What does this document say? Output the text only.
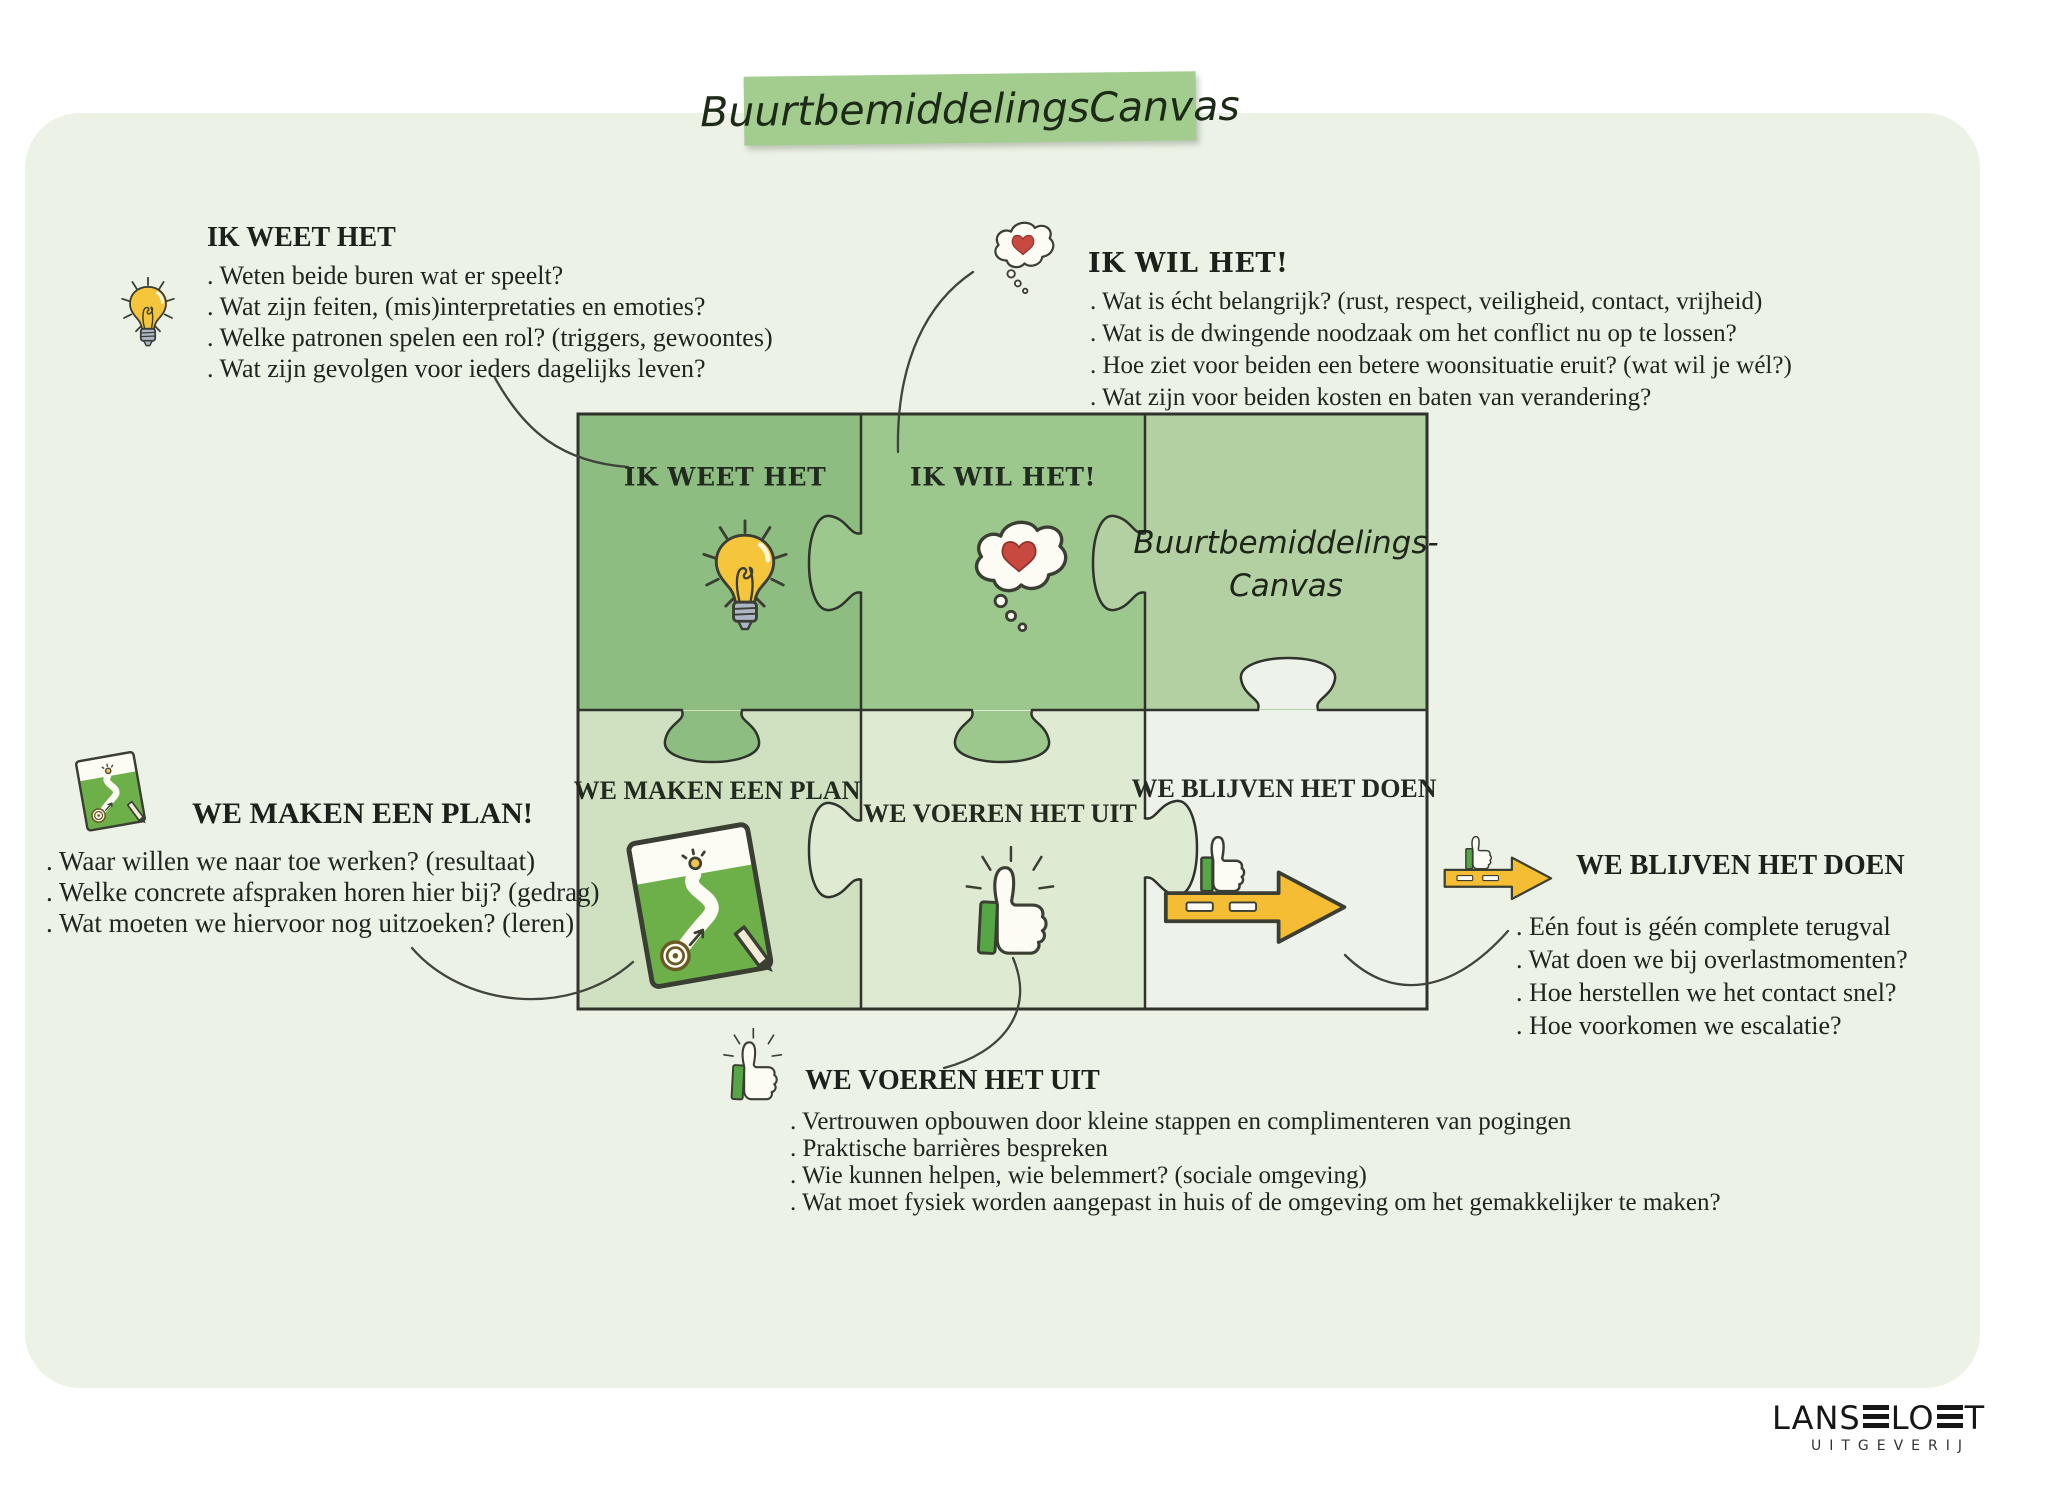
BuurtbemiddelingsCanvas
IK WEET HET
. Weten beide buren wat er speelt?
. Wat zijn feiten, (mis)interpretaties en emoties?
. Welke patronen spelen een rol? (triggers, gewoontes)
. Wat zijn gevolgen voor ieders dagelijks leven?
IK WIL HET!
. Wat is écht belangrijk? (rust, respect, veiligheid, contact, vrijheid)
. Wat is de dwingende noodzaak om het conflict nu op te lossen?
. Hoe ziet voor beiden een betere woonsituatie eruit? (wat wil je wél?)
. Wat zijn voor beiden kosten en baten van verandering?
WE MAKEN EEN PLAN!
. Waar willen we naar toe werken? (resultaat)
. Welke concrete afspraken horen hier bij? (gedrag)
. Wat moeten we hiervoor nog uitzoeken? (leren)
WE BLIJVEN HET DOEN
. Eén fout is géén complete terugval
. Wat doen we bij overlastmomenten?
. Hoe herstellen we het contact snel?
. Hoe voorkomen we escalatie?
WE VOEREN HET UIT
. Vertrouwen opbouwen door kleine stappen en complimenteren van pogingen
. Praktische barrières bespreken
. Wie kunnen helpen, wie belemmert? (sociale omgeving)
. Wat moet fysiek worden aangepast in huis of de omgeving om het gemakkelijker te maken?
IK WEET HET	IK WIL HET!
Buurtbemiddelings-
Canvas
WE MAKEN EEN PLAN
WE VOEREN HET UIT
WE BLIJVEN HET DOEN
LANS LO T
UITGEVERIJ
